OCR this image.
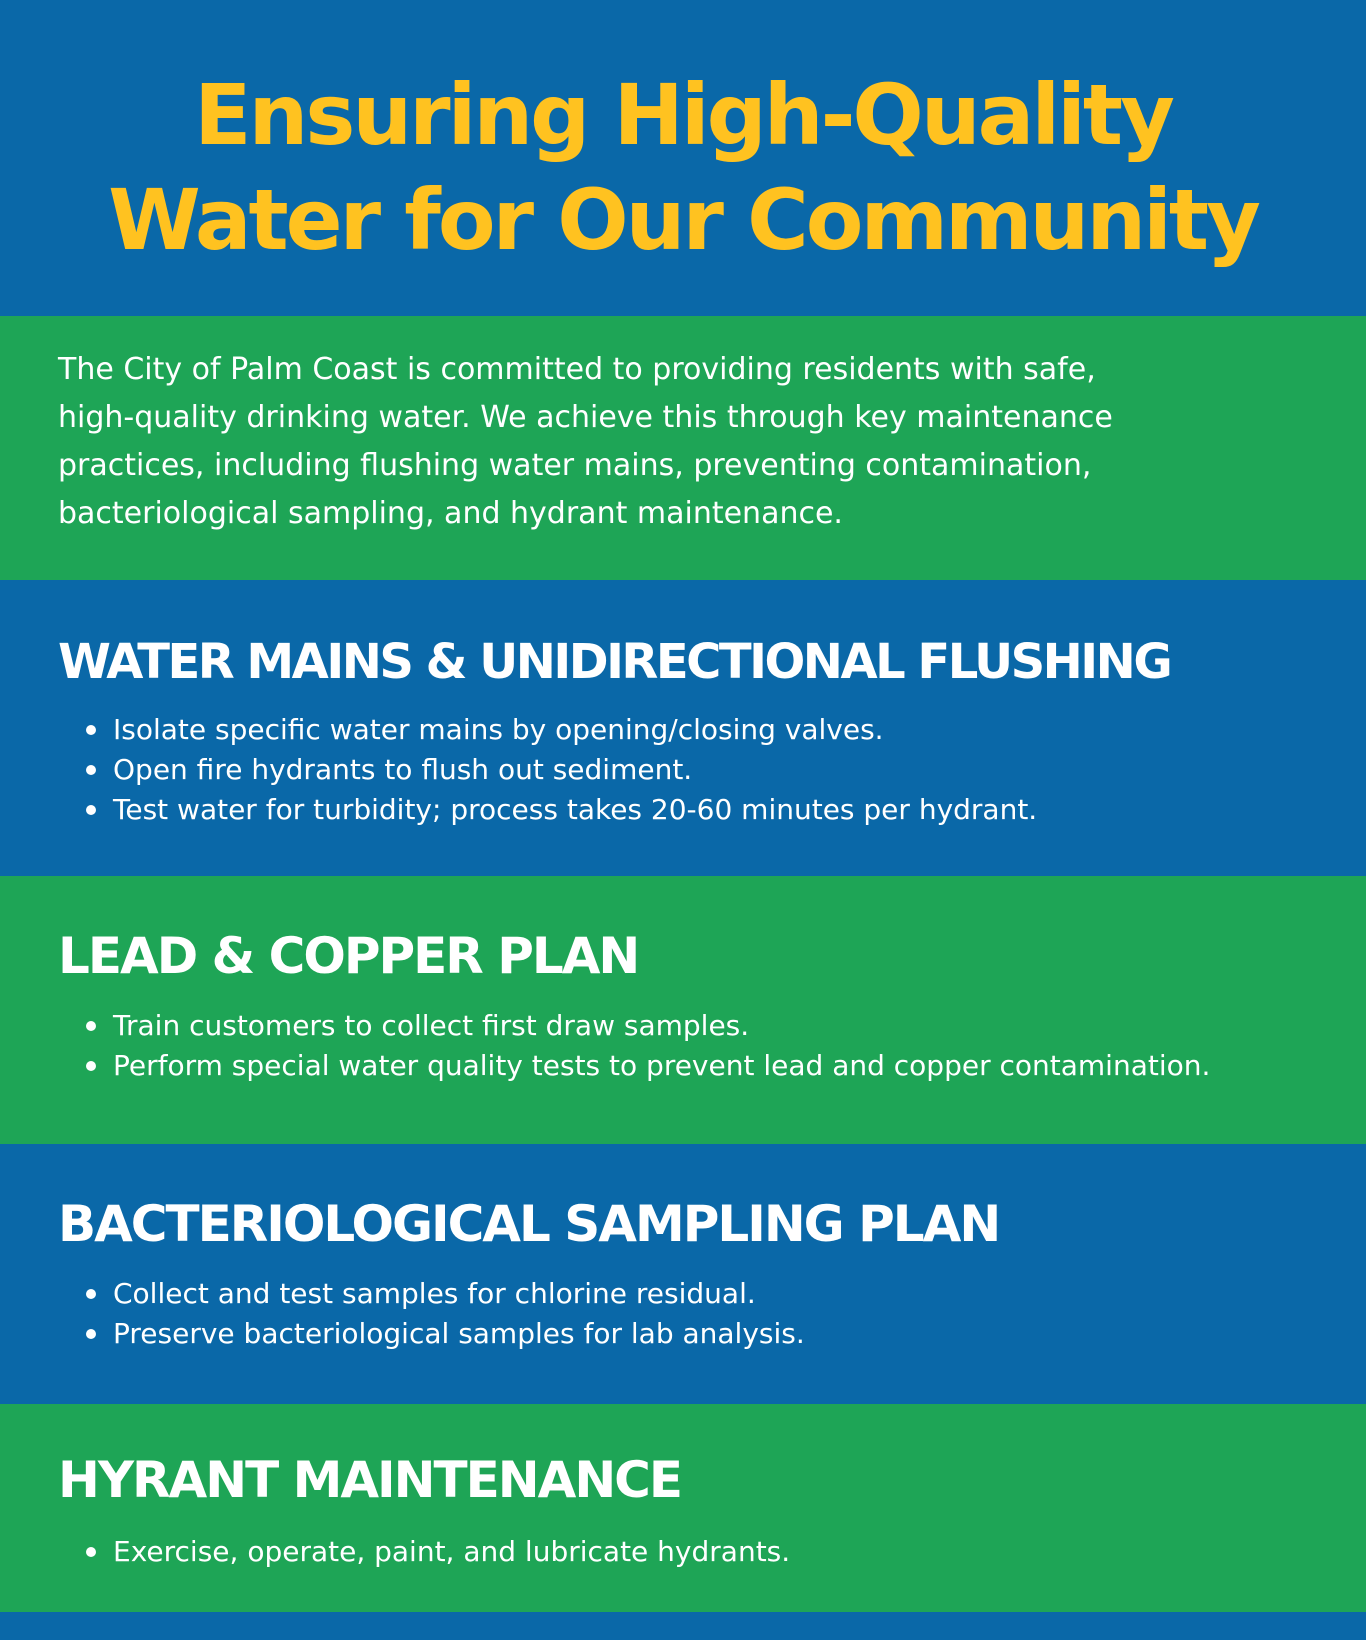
Ensuring High-Quality
Water for Our Community
The City of Palm Coast is committed to providing residents with safe,
high-quality drinking water. We achieve this through key maintenance
practices, including flushing water mains, preventing contamination,
bacteriological sampling, and hydrant maintenance.
WATER MAINS & UNIDIRECTIONAL FLUSHING
Isolate specific water mains by opening/closing valves.
Open fire hydrants to flush out sediment.
Test water for turbidity; process takes 20-60 minutes per hydrant.
LEAD & COPPER PLAN
Train customers to collect first draw samples.
Perform special water quality tests to prevent lead and copper contamination.
BACTERIOLOGICAL SAMPLING PLAN
Collect and test samples for chlorine residual.
Preserve bacteriological samples for lab analysis.
HYRANT MAINTENANCE
Exercise, operate, paint, and lubricate hydrants.
